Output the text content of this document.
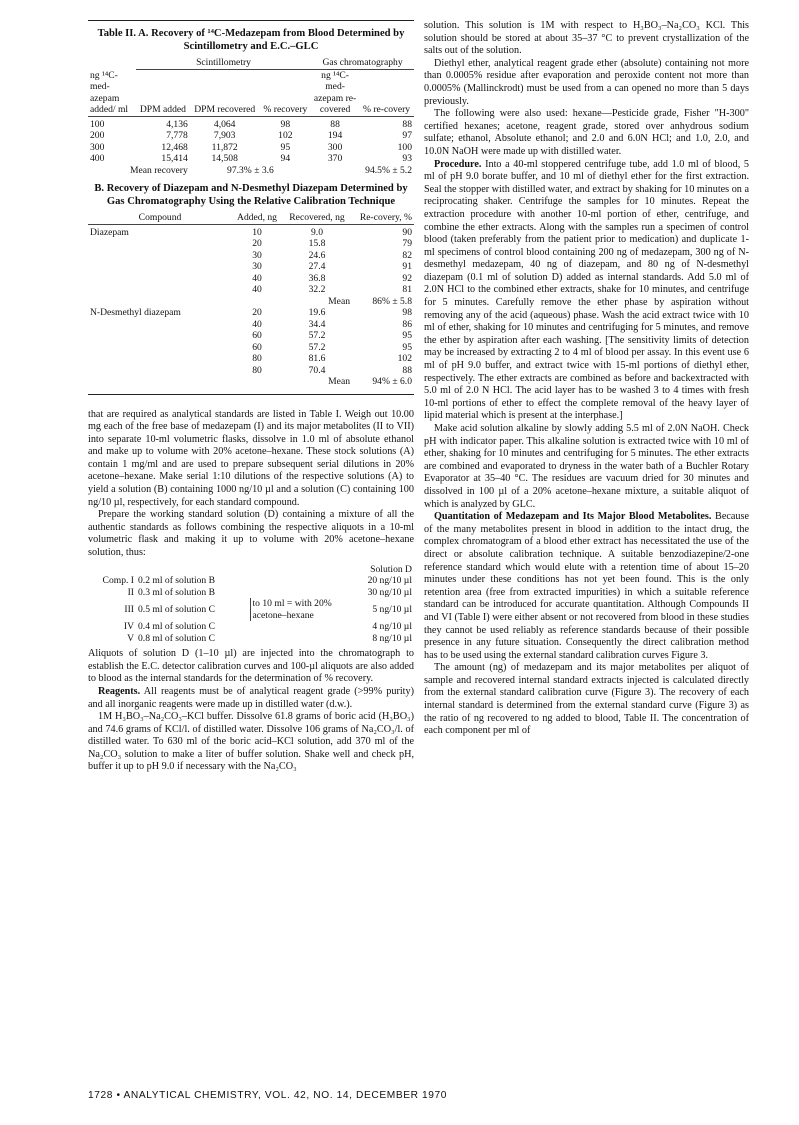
Table II. A. Recovery of ¹⁴C-Medazepam from Blood Determined by Scintillometry and E.C.–GLC
ng ¹⁴C-med-azepam added/ ml	Scintillometry			Gas chromatography	
	DPM added	DPM recovered	% recovery	ng ¹⁴C-med-azepam re-covered	% re-covery

100	4,136	4,064	98	88	88
200	7,778	7,903	102	194	97
300	12,468	11,872	95	300	100
400	15,414	14,508	94	370	93
Mean recovery		97.3% ± 3.6		94.5% ± 5.2	
B. Recovery of Diazepam and N-Desmethyl Diazepam Determined by Gas Chromatography Using the Relative Calibration Technique
Compound	Added, ng	Recovered, ng	Re-covery, %

Diazepam	10	9.0	90
	20	15.8	79
	30	24.6	82
	30	27.4	91
	40	36.8	92
	40	32.2	81
		Mean	86% ± 5.8
N-Desmethyl diazepam	20	19.6	98
	40	34.4	86
	60	57.2	95
	60	57.2	95
	80	81.6	102
	80	70.4	88
		Mean	94% ± 6.0

that are required as analytical standards are listed in Table I. Weigh out 10.00 mg each of the free base of medazepam (I) and its major metabolites (II to VII) into separate 10-ml volumetric flasks, dissolve in 1.0 ml of absolute ethanol and make up to volume with 20% acetone–hexane. These stock solutions (A) contain 1 mg/ml and are used to prepare subsequent serial dilutions in 20% acetone–hexane. Make serial 1:10 dilutions of the respective solutions (A) to yield a solution (B) containing 1000 ng/10 µl and a solution (C) containing 100 ng/10 µl, respectively, for each standard compound.

Prepare the working standard solution (D) containing a mixture of all the authentic standards as follows combining the respective aliquots in a 10-ml volumetric flask and making it up to volume with 20% acetone–hexane solution, thus:

			Solution D
Comp. I	0.2 ml of solution B		20 ng/10 µl
II	0.3 ml of solution B		30 ng/10 µl
III	0.5 ml of solution C	to 10 ml = with 20% acetone–hexane	5 ng/10 µl
IV	0.4 ml of solution C		4 ng/10 µl
V	0.8 ml of solution C		8 ng/10 µl

Aliquots of solution D (1–10 µl) are injected into the chromatograph to establish the E.C. detector calibration curves and 100-µl aliquots are also added to blood as the internal standards for the determination of % recovery.

Reagents. All reagents must be of analytical reagent grade (>99% purity) and all inorganic reagents were made up in distilled water (d.w.).

1M H₃BO₃–Na₂CO₃–KCl buffer. Dissolve 61.8 grams of boric acid (H₃BO₃) and 74.6 grams of KCl/l. of distilled water. Dissolve 106 grams of Na₂CO₃/l. of distilled water. To 630 ml of the boric acid–KCl solution, add 370 ml of the Na₂CO₃ solution to make a liter of buffer solution. Shake well and check pH, buffer it up to pH 9.0 if necessary with the Na₂CO₃

solution. This solution is 1M with respect to H₃BO₃–Na₂CO₃ KCl. This solution should be stored at about 35–37 °C to prevent crystallization of the salts out of the solution.

Diethyl ether, analytical reagent grade ether (absolute) containing not more than 0.0005% residue after evaporation and peroxide content not more than 0.0005% (Mallinckrodt) must be used from a can opened no more than 5 days previously.

The following were also used: hexane—Pesticide grade, Fisher "H-300" certified hexanes; acetone, reagent grade, stored over anhydrous sodium sulfate; ethanol, Absolute ethanol; and 2.0 and 6.0N HCl; and 1.0, 2.0, and 10.0N NaOH were made up with distilled water.

Procedure. Into a 40-ml stoppered centrifuge tube, add 1.0 ml of blood, 5 ml of pH 9.0 borate buffer, and 10 ml of diethyl ether for the first extraction. Seal the stopper with distilled water, and extract by shaking for 10 minutes on a reciprocating shaker. Centrifuge the samples for 10 minutes. Repeat the extraction procedure with another 10-ml portion of ether, centrifuge, and combine the ether extracts. Along with the samples run a specimen of control blood (taken preferably from the patient prior to medication) and duplicate 1-ml specimens of control blood containing 200 ng of medazepam, 300 ng of N-desmethyl medazepam, 40 ng of diazepam, and 80 ng of N-desmethyl diazepam (0.1 ml of solution D) added as internal standards. Add 5.0 ml of 2.0N HCl to the combined ether extracts, shake for 10 minutes, and centrifuge for 5 minutes. Carefully remove the ether phase by aspiration without removing any of the acid (aqueous) phase. Wash the acid extract twice with 10 ml of ether, shaking for 10 minutes and centrifuging for 5 minutes, and remove the ether by aspiration after each washing. [The sensitivity limits of detection may be increased by extracting 2 to 4 ml of blood per assay. In this event use 6 ml of pH 9.0 buffer, and extract twice with 15-ml portions of diethyl ether, respectively. The ether extracts are combined as before and backextracted with 5.0 ml of 2.0 N HCl. The acid layer has to be washed 3 to 4 times with fresh 10-ml portions of ether to effect the complete removal of the heavy layer of lipid material which is present at the interphase.]

Make acid solution alkaline by slowly adding 5.5 ml of 2.0N NaOH. Check pH with indicator paper. This alkaline solution is extracted twice with 10 ml of ether, shaking for 10 minutes and centrifuging for 5 minutes. The ether extracts are combined and evaporated to dryness in the water bath of a Buchler Rotary Evaporator at 35–40 °C. The residues are vacuum dried for 30 minutes and dissolved in 100 µl of a 20% acetone–hexane mixture, a suitable aliquot of which is analyzed by GLC.

Quantitation of Medazepam and Its Major Blood Metabolites. Because of the many metabolites present in blood in addition to the intact drug, the complex chromatogram of a blood ether extract has necessitated the use of the direct or absolute calibration technique. A suitable benzodiazepine/2-one reference standard which would elute with a retention time of about 15–20 minutes under these conditions has not yet been found. This is the only retention area (free from extracted impurities) in which a suitable reference standard can be introduced for accurate quantitation. Although Compounds II and VI (Table I) were either absent or not recovered from blood in these studies they cannot be used reliably as reference standards because of their possible presence in any future situation. Consequently the direct calibration method has to be used using the external standard calibration curves Figure 3.

The amount (ng) of medazepam and its major metabolites per aliquot of sample and recovered internal standard extracts injected is calculated directly from the external standard calibration curve (Figure 3). The recovery of each internal standard is determined from the external standard curve (Figure 3) as the ratio of ng recovered to ng added to blood, Table II. The concentration of each component per ml of

1728 • ANALYTICAL CHEMISTRY, VOL. 42, NO. 14, DECEMBER 1970
